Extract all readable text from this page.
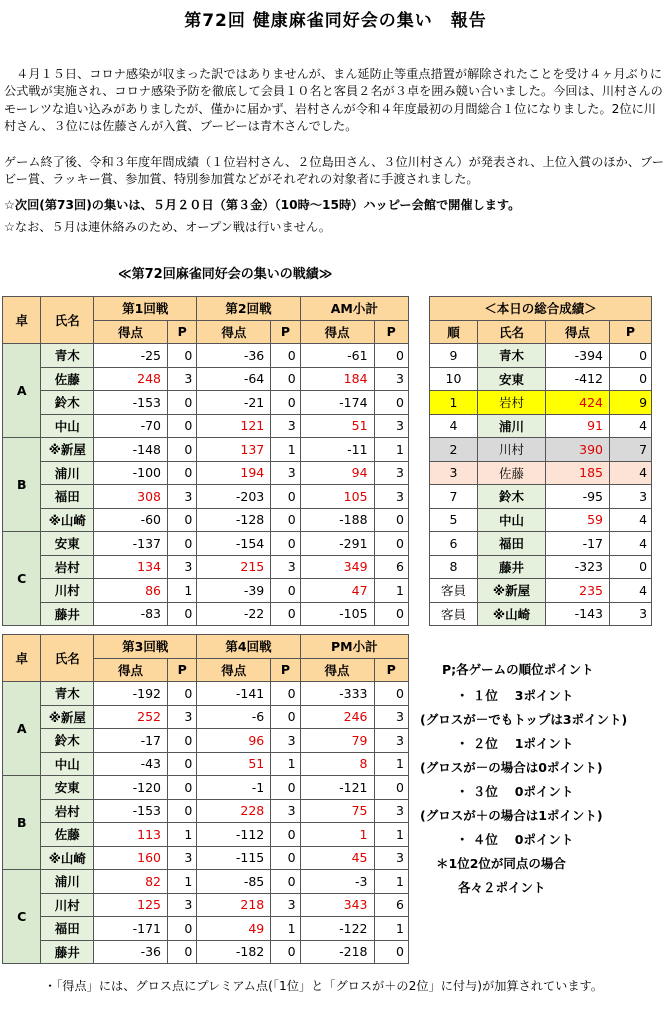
第72回 健康麻雀同好会の集い　報告
　４月１５日、コロナ感染が収まった訳ではありませんが、まん延防止等重点措置が解除されたことを受け４ヶ月ぶりに公式戦が実施され、コロナ感染予防を徹底して会員１０名と客員２名が３卓を囲み競い合いました。今回は、川村さんのモーレツな追い込みがありましたが、僅かに届かず、岩村さんが令和４年度最初の月間総合１位になりました。2位に川村さん、３位には佐藤さんが入賞、ブービーは青木さんでした。
ゲーム終了後、令和３年度年間成績（１位岩村さん、２位島田さん、３位川村さん）が発表され、上位入賞のほか、ブービー賞、ラッキー賞、参加賞、特別参加賞などがそれぞれの対象者に手渡されました。
☆次回(第73回)の集いは、５月２０日（第３金）（10時〜15時）ハッピー会館で開催します。
☆なお、５月は連休絡みのため、オープン戦は行いません。
≪第72回麻雀同好会の集いの戦績≫
卓	氏名	第1回戦		第2回戦		AM小計	
		得点	P	得点	P	得点	P
A	青木	-25	0	-36	0	-61	0
	佐藤	248	3	-64	0	184	3
	鈴木	-153	0	-21	0	-174	0
	中山	-70	0	121	3	51	3
B	※新屋	-148	0	137	1	-11	1
	浦川	-100	0	194	3	94	3
	福田	308	3	-203	0	105	3
	※山崎	-60	0	-128	0	-188	0
C	安東	-137	0	-154	0	-291	0
	岩村	134	3	215	3	349	6
	川村	86	1	-39	0	47	1
	藤井	-83	0	-22	0	-105	0
卓	氏名	第3回戦		第4回戦		PM小計	
		得点	P	得点	P	得点	P
A	青木	-192	0	-141	0	-333	0
	※新屋	252	3	-6	0	246	3
	鈴木	-17	0	96	3	79	3
	中山	-43	0	51	1	8	1
B	安東	-120	0	-1	0	-121	0
	岩村	-153	0	228	3	75	3
	佐藤	113	1	-112	0	1	1
	※山崎	160	3	-115	0	45	3
C	浦川	82	1	-85	0	-3	1
	川村	125	3	218	3	343	6
	福田	-171	0	49	1	-122	1
	藤井	-36	0	-182	0	-218	0
＜本日の総合成績＞			
順	氏名	得点	P
9	青木	-394	0
10	安東	-412	0
1	岩村	424	9
4	浦川	91	4
2	川村	390	7
3	佐藤	185	4
7	鈴木	-95	3
5	中山	59	4
6	福田	-17	4
8	藤井	-323	0
客員	※新屋	235	4
客員	※山崎	-143	3
P;各ゲームの順位ポイント
・ １位　 3ポイント
(グロスが－でもトップは3ポイント)
・ ２位　 1ポイント
(グロスが－の場合は0ポイント)
・ ３位　 0ポイント
(グロスが＋の場合は1ポイント)
・ ４位　 0ポイント
＊1位2位が同点の場合
各々２ポイント
・「得点」には、グロス点にプレミアム点(「1位」と「グロスが＋の2位」に付与)が加算されています。
